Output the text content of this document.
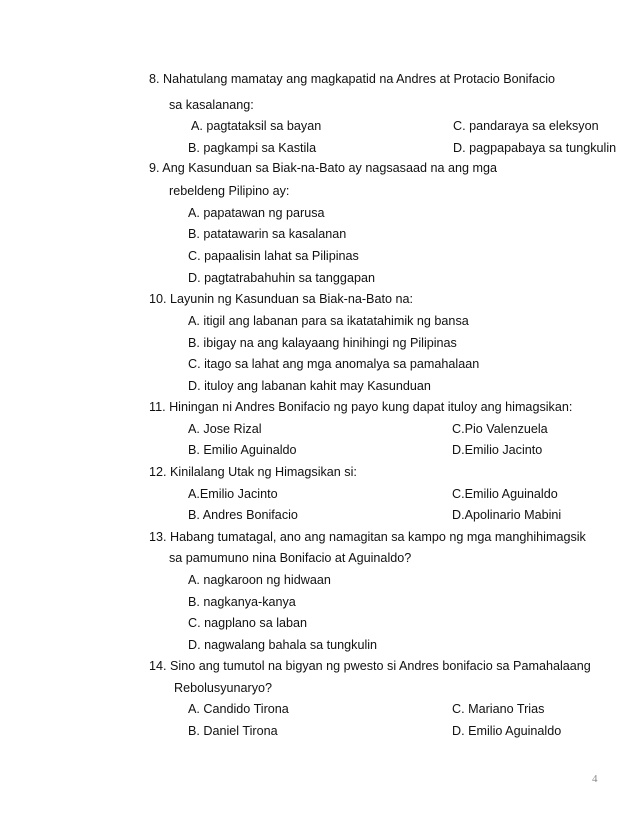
8. Nahatulang mamatay ang magkapatid na Andres at Protacio Bonifacio
sa kasalanang:
A. pagtataksil sa bayan	C. pandaraya sa eleksyon
B. pagkampi sa Kastila	D. pagpapabaya sa tungkulin
9. Ang Kasunduan sa Biak-na-Bato ay nagsasaad na ang mga
rebeldeng Pilipino ay:
A. papatawan ng parusa
B. patatawarin sa kasalanan
C. papaalisin lahat sa Pilipinas
D. pagtatrabahuhin sa tanggapan
10. Layunin ng Kasunduan sa Biak-na-Bato na:
A. itigil ang labanan para sa ikatatahimik ng bansa
B. ibigay na ang kalayaang hinihingi ng Pilipinas
C. itago sa lahat ang mga anomalya sa pamahalaan
D. ituloy ang labanan kahit may Kasunduan
11. Hiningan ni Andres Bonifacio ng payo kung dapat ituloy ang himagsikan:
A. Jose Rizal	C.Pio Valenzuela
B. Emilio Aguinaldo	D.Emilio Jacinto
12. Kinilalang Utak ng Himagsikan si:
A.Emilio Jacinto	C.Emilio Aguinaldo
B. Andres Bonifacio	D.Apolinario Mabini
13. Habang tumatagal, ano ang namagitan sa kampo ng mga manghihimagsik
sa pamumuno nina Bonifacio at Aguinaldo?
A. nagkaroon ng hidwaan
B. nagkanya-kanya
C. nagplano sa laban
D. nagwalang bahala sa tungkulin
14. Sino ang tumutol na bigyan ng pwesto si Andres bonifacio sa Pamahalaang
Rebolusyunaryo?
A. Candido Tirona	C. Mariano Trias
B. Daniel Tirona	D. Emilio Aguinaldo
4
